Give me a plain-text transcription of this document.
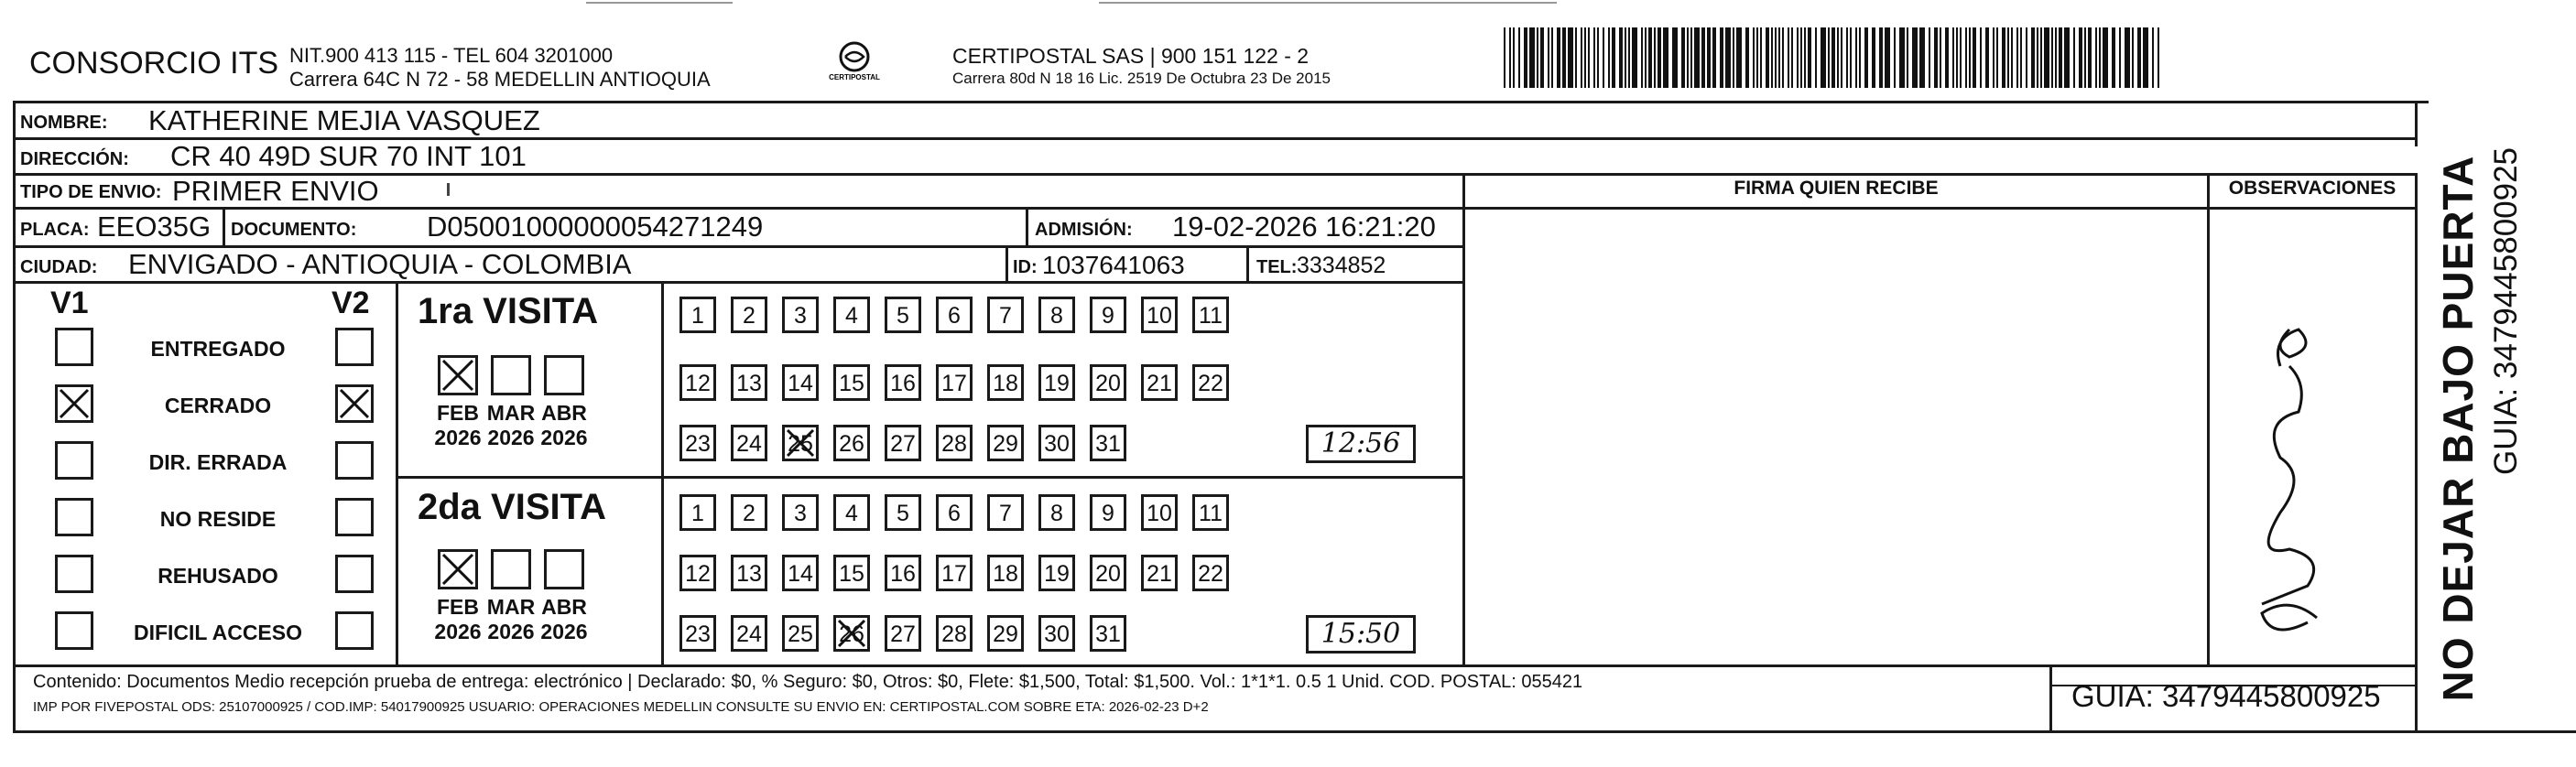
CONSORCIO ITS NIT.900 413 115 - TEL 604 3201000
Carrera 64C N 72 - 58 MEDELLIN ANTIOQUIA	CERTIPOSTAL
CERTIPOSTAL SAS | 900 151 122 - 2
Carrera 80d N 18 16 Lic. 2519 De Octubra 23 De 2015
NOMBRE: KATHERINE MEJIA VASQUEZ
DIRECCIÓN: CR 40 49D SUR 70 INT 101
TIPO DE ENVIO: PRIMER ENVIO	FIRMA QUIEN RECIBE	OBSERVACIONES
PLACA: EEO35G DOCUMENTO: D05001000000054271249	ADMISIÓN: 19-02-2026 16:21:20
CIUDAD: ENVIGADO - ANTIOQUIA - COLOMBIA	ID: 1037641063	TEL: 3334852
V1	V2
ENTREGADO
CERRADO
DIR. ERRADA
NO RESIDE
REHUSADO
DIFICIL ACCESO
1ra VISITA
2da VISITA
FEB
2026
MAR
2026
ABR
2026
1	2	3	4	5	6	7	8	9	10 11
12 13 14 15 16 17 18 19 20 21 22
23 24 25 26 27 28 29 30 31	12:56
FEB
2026
MAR
2026
ABR
2026
1	2	3	4	5	6	7	8	9	10 11
12 13 14 15 16 17 18 19 20 21 22
23 24 25 26 27 28 29 30 31	15:50	NO DEJAR BAJO PUERTA GUIA: 3479445800925
Contenido: Documentos Medio recepción prueba de entrega: electrónico | Declarado: $0, % Seguro: $0, Otros: $0, Flete: $1,500, Total: $1,500. Vol.: 1*1*1. 0.5 1 Unid. COD. POSTAL: 055421
IMP POR FIVEPOSTAL ODS: 25107000925 / COD.IMP: 54017900925 USUARIO: OPERACIONES MEDELLIN CONSULTE SU ENVIO EN: CERTIPOSTAL.COM SOBRE ETA: 2026-02-23 D+2	GUIA: 3479445800925
